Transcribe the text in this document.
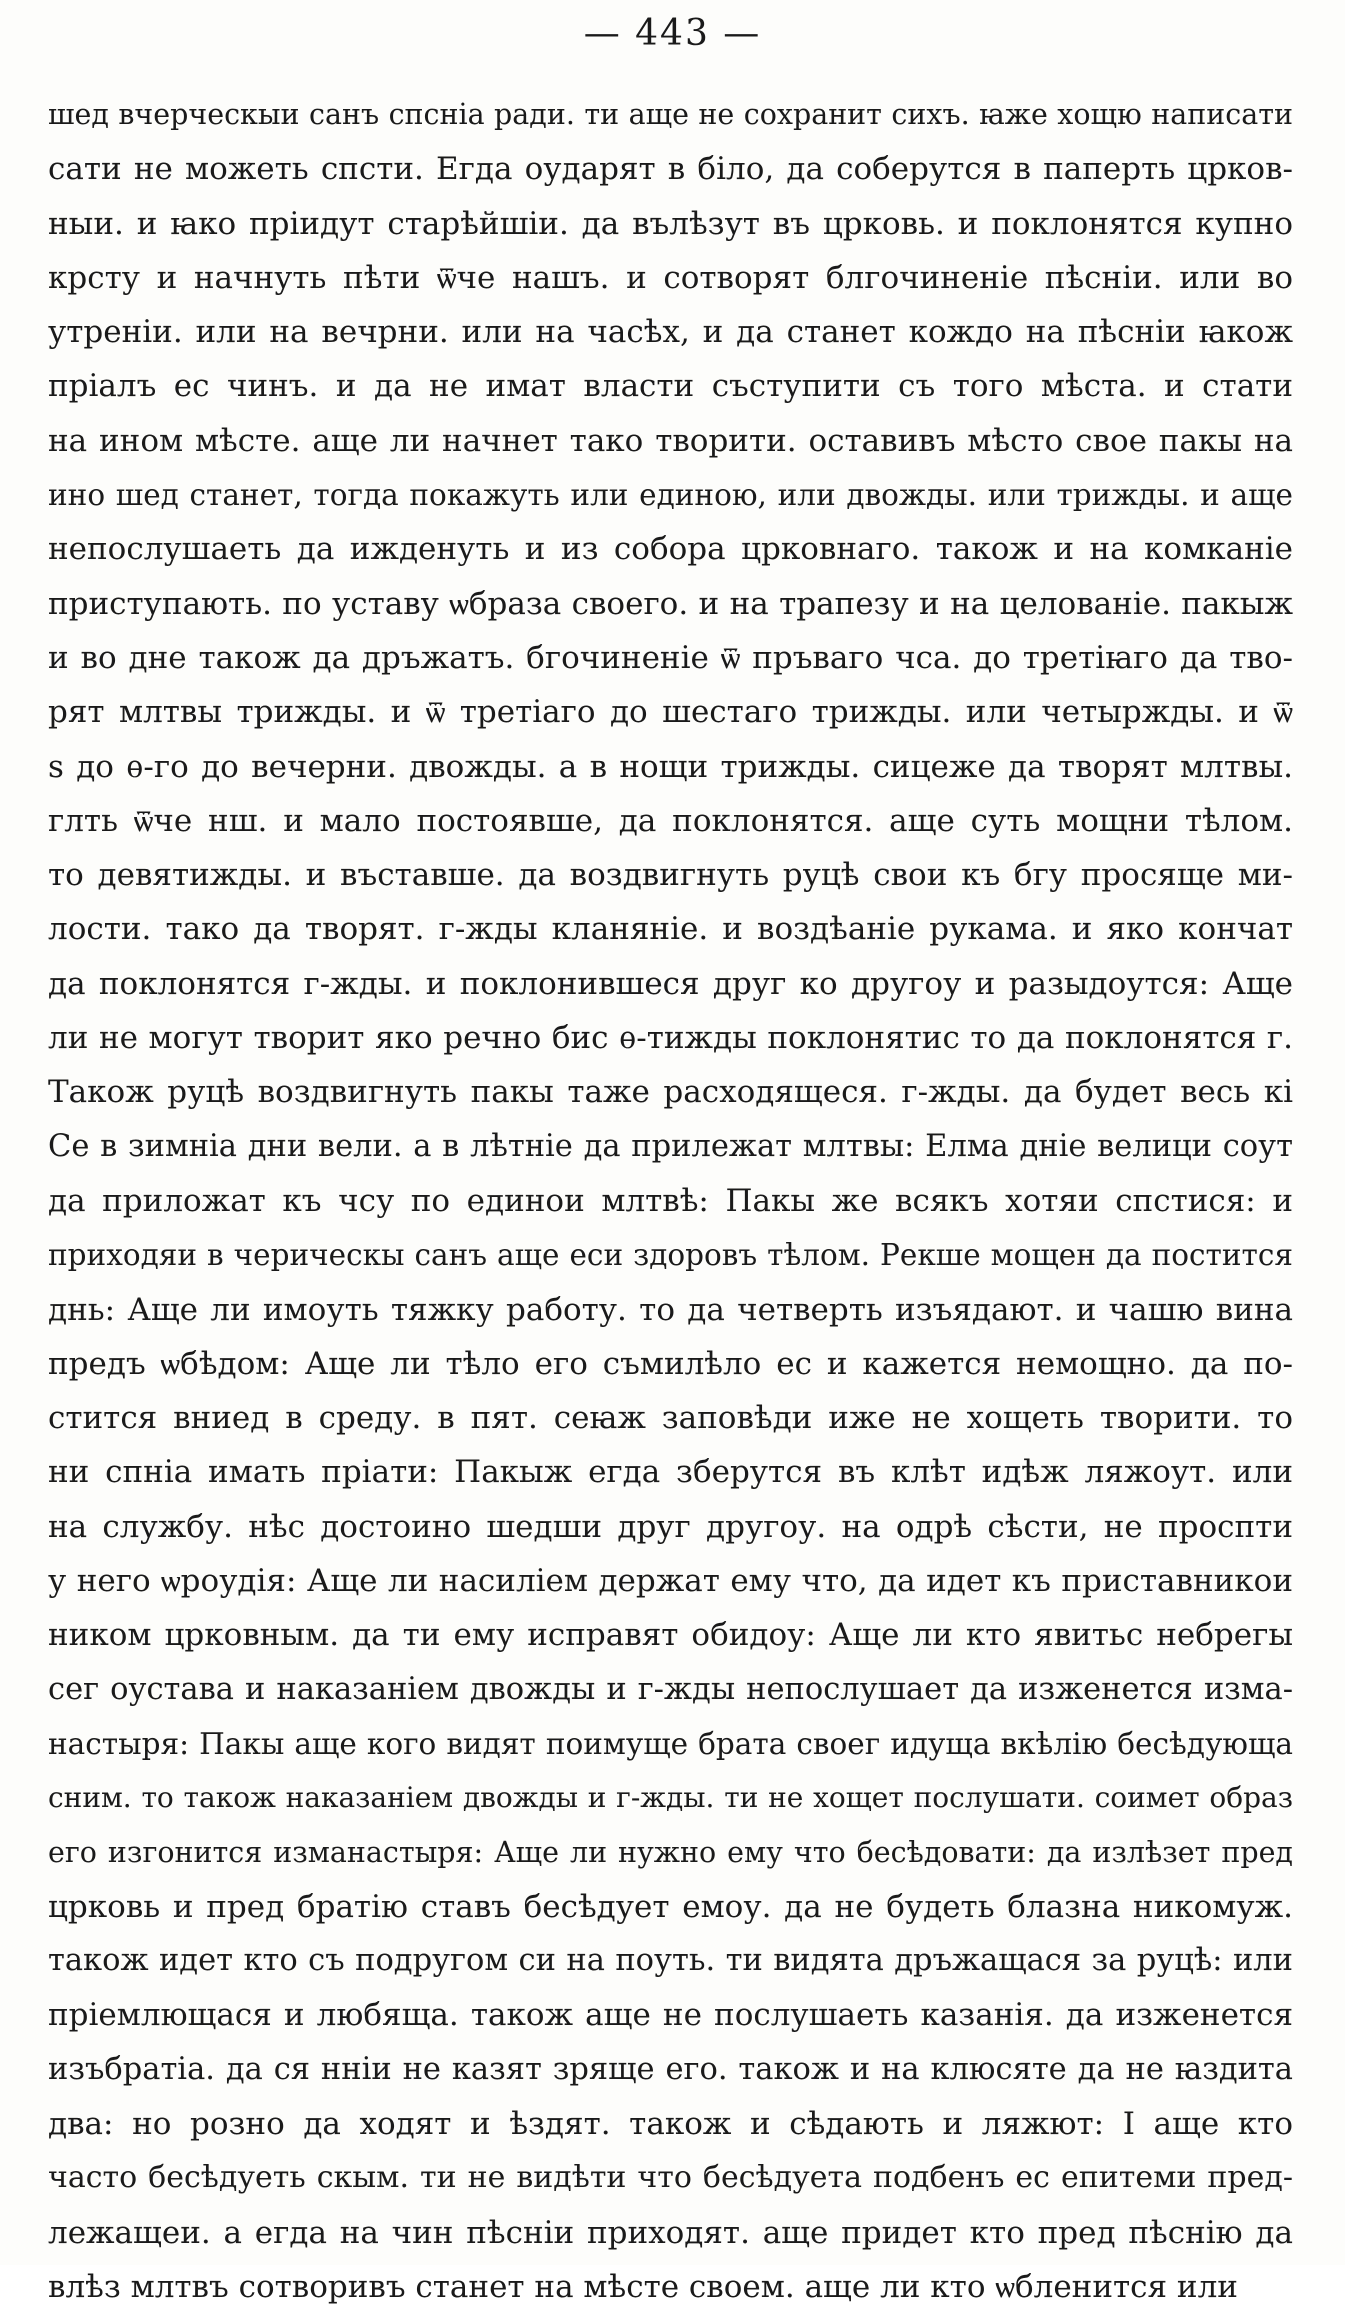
— 443 —
шед вчерческыи санъ спсніа ради. ти аще не сохранит сихъ. ꙗже хощю написати
сати не можеть спсти. Егда оударят в біло, да соберутся в паперть црков-
ныи. и ꙗко пріидут старѣйшіи. да вълѣзут въ црковь. и поклонятся купно
крсту и начнуть пѣти ѿче нашъ. и сотворят блгочиненіе пѣсніи. или во
утреніи. или на вечрни. или на часѣх, и да станет кождо на пѣсніи ꙗкож
пріалъ ес чинъ. и да не имат власти съступити съ того мѣста. и стати
на ином мѣсте. аще ли начнет тако творити. оставивъ мѣсто свое пакы на
ино шед станет, тогда покажуть или единою, или двожды. или трижды. и аще
непослушаеть да ижденуть и из собора црковнаго. також и на комканіе
приступають. по уставу ѡбраза своего. и на трапезу и на целованіе. пакыж
и во дне також да дръжатъ. бгочиненіе ѿ пръваго чса. до третіꙗго да тво-
рят млтвы трижды. и ѿ третіаго до шестаго трижды. или четыржды. и ѿ
ѕ до ѳ-го до вечерни. двожды. а в нощи трижды. сицеже да творят млтвы.
глть ѿче нш. и мало постоявше, да поклонятся. аще суть мощни тѣлом.
то девятижды. и въставше. да воздвигнуть руцѣ свои къ бгу просяще ми-
лости. тако да творят. г-жды кланяніе. и воздѣаніе рукама. и яко кончат
да поклонятся г-жды. и поклонившеся друг ко другоу и разыдоутся: Аще
ли не могут творит яко речно бис ѳ-тижды поклонятис то да поклонятся г.
Також руцѣ воздвигнуть пакы таже расходящеся. г-жды. да будет весь кі
Се в зимніа дни вели. а в лѣтніе да прилежат млтвы: Елма дніе велици соут
да приложат къ чсу по единои млтвѣ: Пакы же всякъ хотяи спстися: и
приходяи в черическы санъ аще еси здоровъ тѣлом. Рекше мощен да постится
днь: Аще ли имоуть тяжку работу. то да четверть изъядают. и чашю вина
предъ ѡбѣдом: Аще ли тѣло его съмилѣло ес и кажется немощно. да по-
стится вниед в среду. в пят. сеꙗж заповѣди иже не хощеть творити. то
ни спніа имать пріати: Пакыж егда зберутся въ клѣт идѣж ляжоут. или
на службу. нѣс достоино шедши друг другоу. на одрѣ сѣсти, не проспти
у него ѡроудія: Аще ли насиліем держат ему что, да идет къ приставникои
ником црковным. да ти ему исправят обидоу: Аще ли кто явитьс небрегы
сег оустава и наказаніем двожды и г-жды непослушает да изженется изма-
настыря: Пакы аще кого видят поимуще брата своег идуща вкѣлію бесѣдующа
сним. то також наказаніем двожды и г-жды. ти не хощет послушати. соимет образ
его изгонится изманастыря: Аще ли нужно ему что бесѣдовати: да излѣзет пред
црковь и пред братію ставъ бесѣдует емоу. да не будеть блазна никомуж.
також идет кто съ подругом си на поуть. ти видята дръжащася за руцѣ: или
пріемлющася и любяща. також аще не послушаеть казанія. да изженется
изъбратіа. да ся нніи не казят зряще его. також и на клюсяте да не ꙗздита
два: но розно да ходят и ѣздят. також и сѣдають и ляжют: І аще кто
часто бесѣдуеть скым. ти не видѣти что бесѣдуета подбенъ ес епитеми пред-
лежащеи. а егда на чин пѣсніи приходят. аще придет кто пред пѣснію да
влѣз млтвъ сотворивъ станет на мѣсте своем. аще ли кто ѡбленится или
